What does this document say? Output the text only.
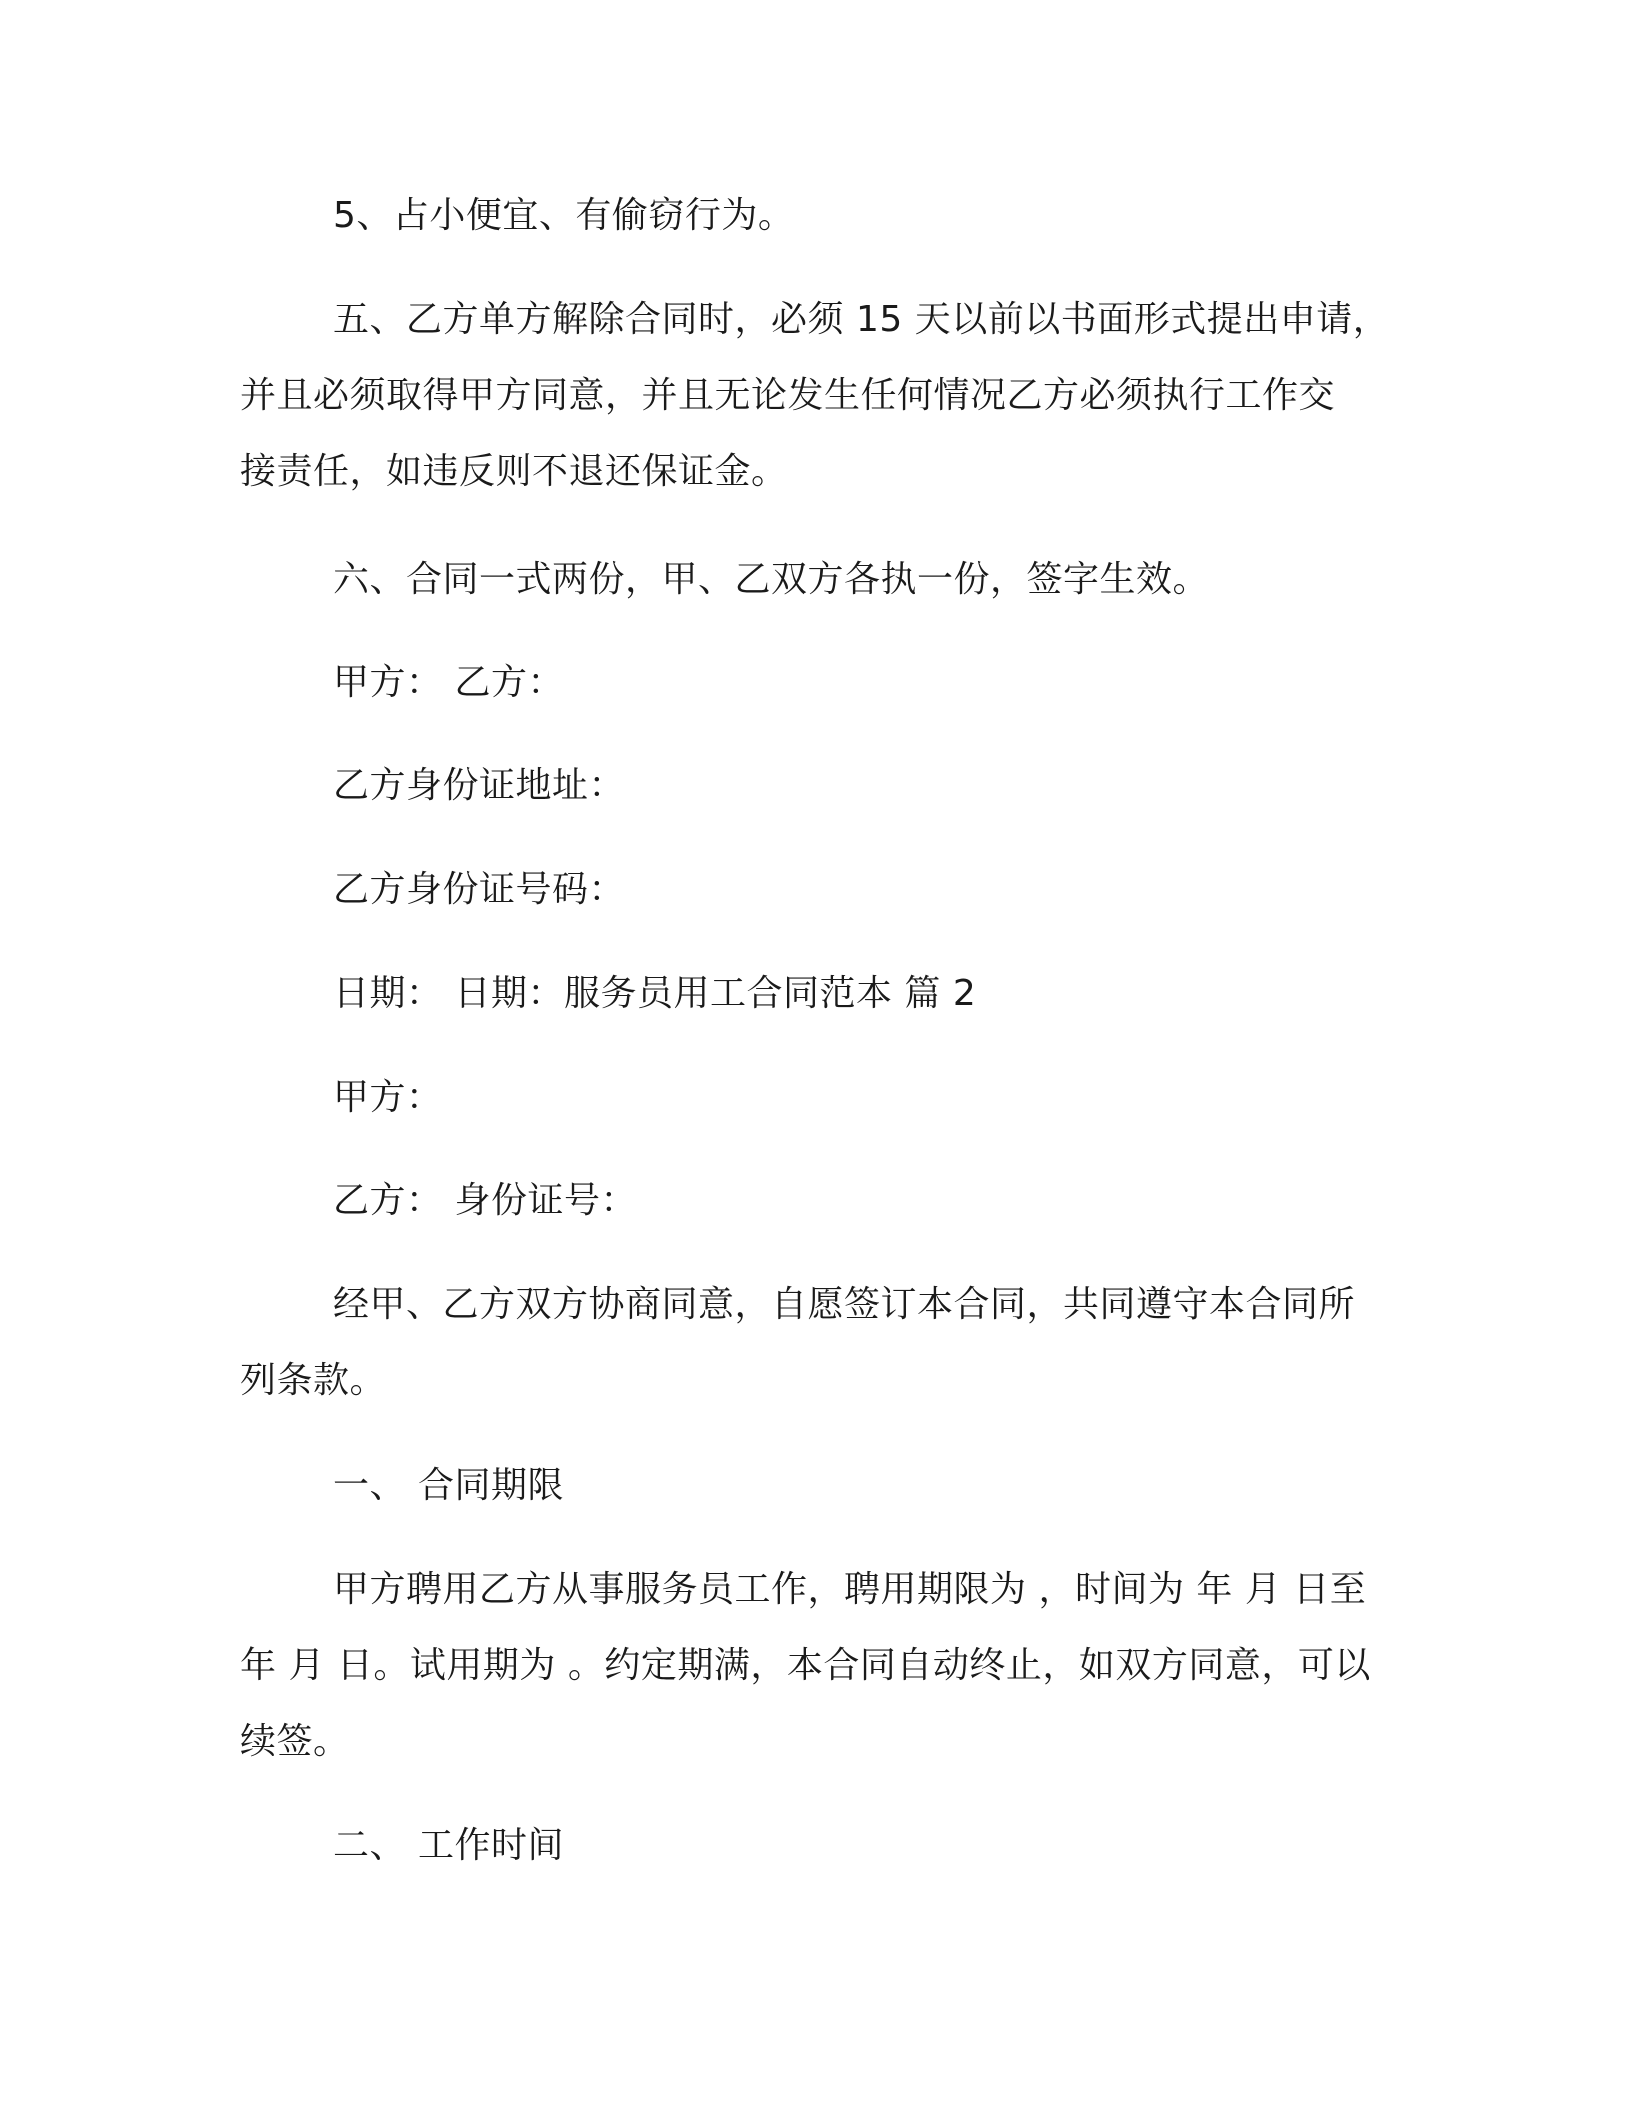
5、占小便宜、有偷窃行为。

五、乙方单方解除合同时，必须 15 天以前以书面形式提出申请，

并且必须取得甲方同意，并且无论发生任何情况乙方必须执行工作交

接责任，如违反则不退还保证金。

六、合同一式两份，甲、乙双方各执一份，签字生效。

甲方： 乙方：

乙方身份证地址：

乙方身份证号码：

日期： 日期：服务员用工合同范本 篇 2

甲方：

乙方： 身份证号：

经甲、乙方双方协商同意，自愿签订本合同，共同遵守本合同所

列条款。

一、 合同期限

甲方聘用乙方从事服务员工作，聘用期限为 ，时间为 年 月 日至

年 月 日。试用期为 。约定期满，本合同自动终止，如双方同意，可以

续签。

二、 工作时间
